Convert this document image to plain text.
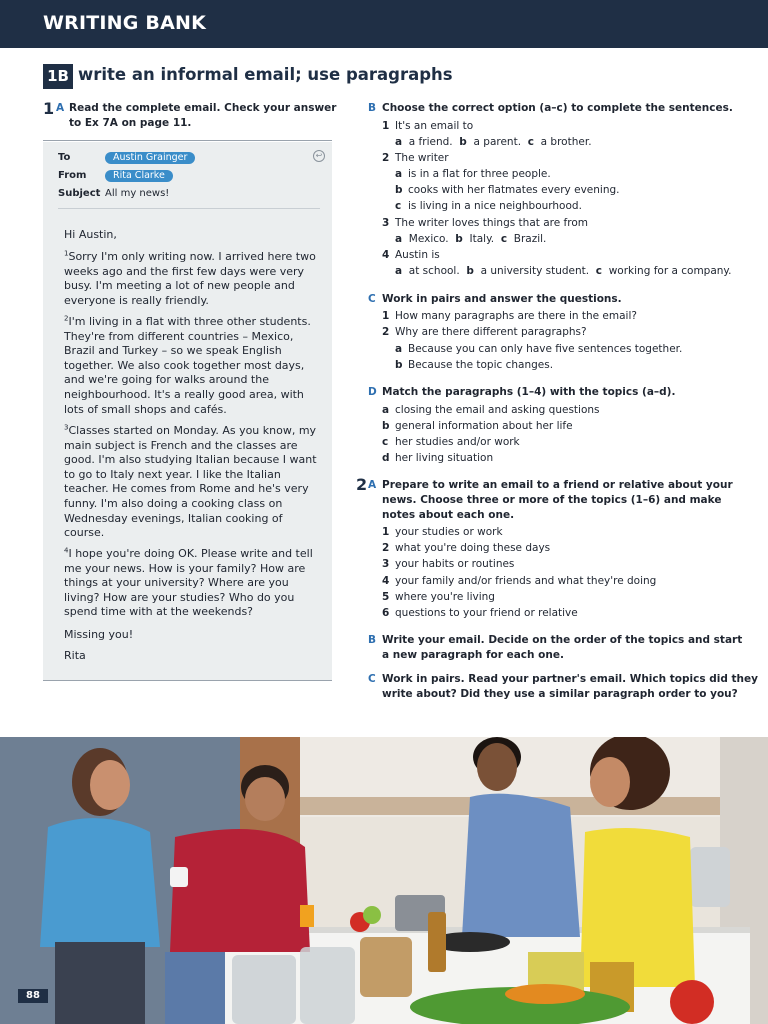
WRITING BANK
1B write an informal email; use paragraphs
1 A Read the complete email. Check your answer
to Ex 7A on page 11.
To	Austin Grainger
From	Rita Clarke
Subject All my news!
↩
Hi Austin,

$^1$Sorry I'm only writing now. I arrived here two weeks ago and the first few days were very busy. I'm meeting a lot of new people and everyone is really friendly.

$^2$I'm living in a flat with three other students. They're from different countries – Mexico, Brazil and Turkey – so we speak English together. We also cook together most days, and we're going for walks around the neighbourhood. It's a really good area, with lots of small shops and cafés.

$^3$Classes started on Monday. As you know, my main subject is French and the classes are good. I'm also studying Italian because I want to go to Italy next year. I like the Italian teacher. He comes from Rome and he's very funny. I'm also doing a cooking class on Wednesday evenings, Italian cooking of course.

$^4$I hope you're doing OK. Please write and tell me your news. How is your family? How are things at your university? Where are you living? How are your studies? Who do you spend time with at the weekends?

Missing you!
Rita
B Choose the correct option (a–c) to complete the sentences.
1 It's an email to
a a friend. b a parent. c a brother.
2 The writer
a is in a flat for three people.
b cooks with her flatmates every evening.
c is living in a nice neighbourhood.
3 The writer loves things that are from
a Mexico. b Italy. c Brazil.
4 Austin is
a at school. b a university student. c working for a company.
C Work in pairs and answer the questions.
1 How many paragraphs are there in the email?
2 Why are there different paragraphs?
a Because you can only have five sentences together.
b Because the topic changes.
D Match the paragraphs (1–4) with the topics (a–d).
a closing the email and asking questions
b general information about her life
c her studies and/or work
d her living situation
2 A Prepare to write an email to a friend or relative about your
news. Choose three or more of the topics (1–6) and make
notes about each one.
1 your studies or work
2 what you're doing these days
3 your habits or routines
4 your family and/or friends and what they're doing
5 where you're living
6 questions to your friend or relative
B Write your email. Decide on the order of the topics and start
a new paragraph for each one.
C Work in pairs. Read your partner's email. Which topics did they
write about? Did they use a similar paragraph order to you?
88
